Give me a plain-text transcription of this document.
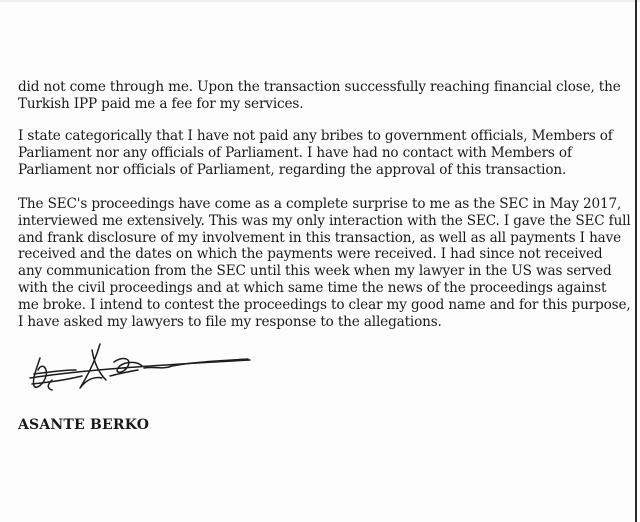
did not come through me. Upon the transaction successfully reaching financial close, the
Turkish IPP paid me a fee for my services.
I state categorically that I have not paid any bribes to government officials, Members of
Parliament nor any officials of Parliament. I have had no contact with Members of
Parliament nor officials of Parliament, regarding the approval of this transaction.
The SEC's proceedings have come as a complete surprise to me as the SEC in May 2017,
interviewed me extensively. This was my only interaction with the SEC. I gave the SEC full
and frank disclosure of my involvement in this transaction, as well as all payments I have
received and the dates on which the payments were received. I had since not received
any communication from the SEC until this week when my lawyer in the US was served
with the civil proceedings and at which same time the news of the proceedings against
me broke. I intend to contest the proceedings to clear my good name and for this purpose,
I have asked my lawyers to file my response to the allegations.
ASANTE BERKO
